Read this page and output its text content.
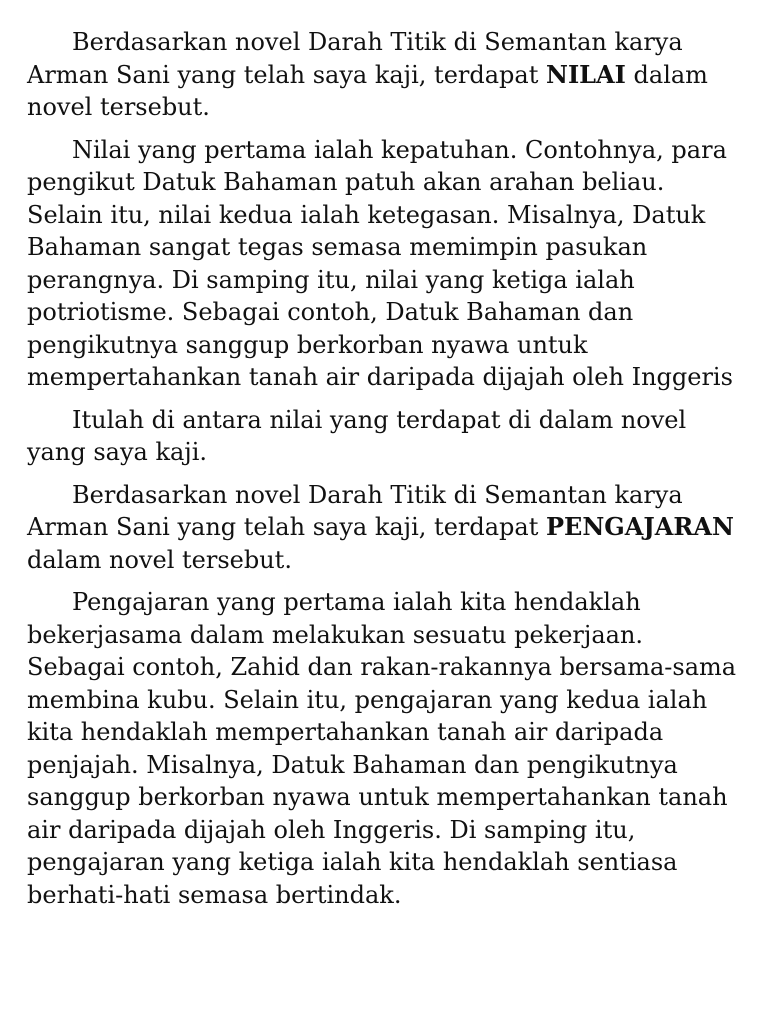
Berdasarkan novel Darah Titik di Semantan karya Arman Sani yang telah saya kaji, terdapat NILAI dalam novel tersebut.

Nilai yang pertama ialah kepatuhan. Contohnya, para pengikut Datuk Bahaman patuh akan arahan beliau. Selain itu, nilai kedua ialah ketegasan. Misalnya, Datuk Bahaman sangat tegas semasa memimpin pasukan perangnya. Di samping itu, nilai yang ketiga ialah potriotisme. Sebagai contoh, Datuk Bahaman dan pengikutnya sanggup berkorban nyawa untuk mempertahankan tanah air daripada dijajah oleh Inggeris

Itulah di antara nilai yang terdapat di dalam novel yang saya kaji.

Berdasarkan novel Darah Titik di Semantan karya Arman Sani yang telah saya kaji, terdapat PENGAJARAN dalam novel tersebut.

Pengajaran yang pertama ialah kita hendaklah bekerjasama dalam melakukan sesuatu pekerjaan. Sebagai contoh, Zahid dan rakan-rakannya bersama-sama membina kubu. Selain itu, pengajaran yang kedua ialah kita hendaklah mempertahankan tanah air daripada penjajah. Misalnya, Datuk Bahaman dan pengikutnya sanggup berkorban nyawa untuk mempertahankan tanah air daripada dijajah oleh Inggeris. Di samping itu, pengajaran yang ketiga ialah kita hendaklah sentiasa berhati-hati semasa bertindak.
